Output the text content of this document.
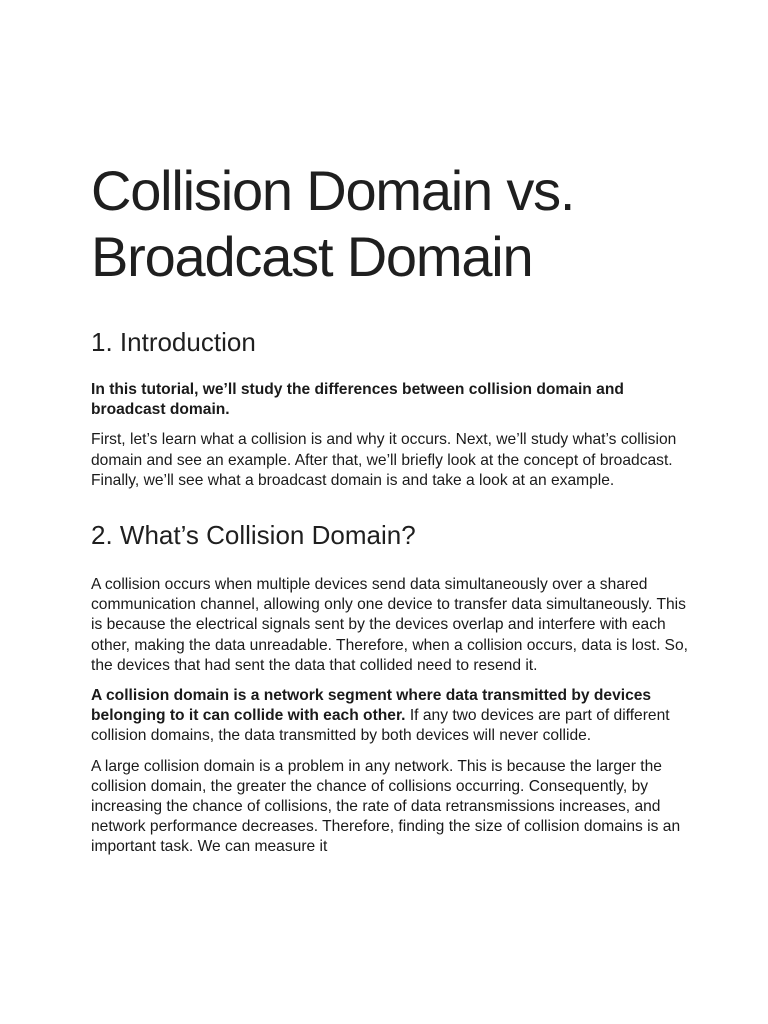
Collision Domain vs. Broadcast Domain
1. Introduction

In this tutorial, we’ll study the differences between collision domain and broadcast domain.

First, let’s learn what a collision is and why it occurs. Next, we’ll study what’s collision domain and see an example. After that, we’ll briefly look at the concept of broadcast. Finally, we’ll see what a broadcast domain is and take a look at an example.

2. What’s Collision Domain?

A collision occurs when multiple devices send data simultaneously over a shared communication channel, allowing only one device to transfer data simultaneously. This is because the electrical signals sent by the devices overlap and interfere with each other, making the data unreadable. Therefore, when a collision occurs, data is lost. So, the devices that had sent the data that collided need to resend it.

A collision domain is a network segment where data transmitted by devices belonging to it can collide with each other. If any two devices are part of different collision domains, the data transmitted by both devices will never collide.

A large collision domain is a problem in any network. This is because the larger the collision domain, the greater the chance of collisions occurring. Consequently, by increasing the chance of collisions, the rate of data retransmissions increases, and network performance decreases. Therefore, finding the size of collision domains is an important task. We can measure it
